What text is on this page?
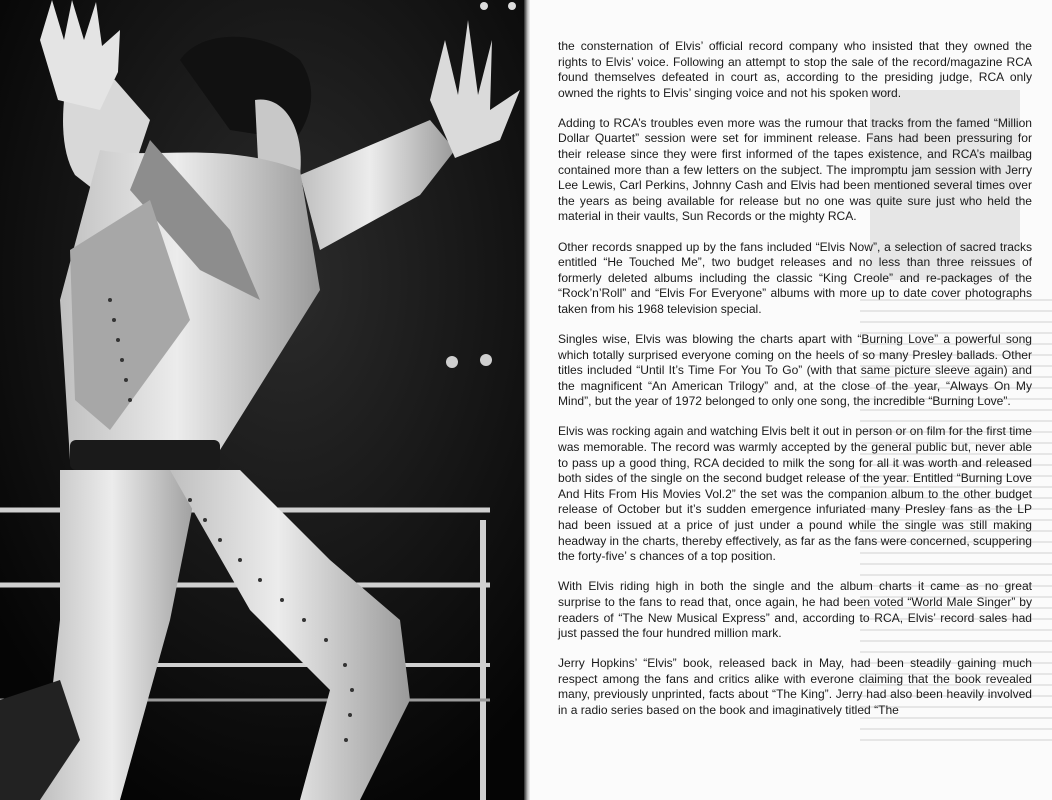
the consternation of Elvis’ official record company who insisted that they owned the rights to Elvis’ voice. Following an attempt to stop the sale of the record/magazine RCA found themselves defeated in court as, according to the presiding judge, RCA only owned the rights to Elvis’ singing voice and not his spoken word.

Adding to RCA’s troubles even more was the rumour that tracks from the famed “Million Dollar Quartet” session were set for imminent release. Fans had been pressuring for their release since they were first informed of the tapes existence, and RCA’s mailbag contained more than a few letters on the subject. The impromptu jam session with Jerry Lee Lewis, Carl Perkins, Johnny Cash and Elvis had been mentioned several times over the years as being available for release but no one was quite sure just who held the material in their vaults, Sun Records or the mighty RCA.

Other records snapped up by the fans included “Elvis Now”, a selection of sacred tracks entitled “He Touched Me”, two budget releases and no less than three reissues of formerly deleted albums including the classic “King Creole” and re-packages of the “Rock’n’Roll” and “Elvis For Everyone” albums with more up to date cover photographs taken from his 1968 television special.

Singles wise, Elvis was blowing the charts apart with “Burning Love” a powerful song which totally surprised everyone coming on the heels of so many Presley ballads. Other titles included “Until It’s Time For You To Go” (with that same picture sleeve again) and the magnificent “An American Trilogy” and, at the close of the year, “Always On My Mind”, but the year of 1972 belonged to only one song, the incredible “Burning Love”.

Elvis was rocking again and watching Elvis belt it out in person or on film for the first time was memorable. The record was warmly accepted by the general public but, never able to pass up a good thing, RCA decided to milk the song for all it was worth and released both sides of the single on the second budget release of the year. Entitled “Burning Love And Hits From His Movies Vol.2” the set was the companion album to the other budget release of October but it’s sudden emergence infuriated many Presley fans as the LP had been issued at a price of just under a pound while the single was still making headway in the charts, thereby effectively, as far as the fans were concerned, scuppering the forty-five’ s chances of a top position.

With Elvis riding high in both the single and the album charts it came as no great surprise to the fans to read that, once again, he had been voted “World Male Singer” by readers of “The New Musical Express” and, according to RCA, Elvis’ record sales had just passed the four hundred million mark.

Jerry Hopkins’ “Elvis” book, released back in May, had been steadily gaining much respect among the fans and critics alike with everone claiming that the book revealed many, previously unprinted, facts about “The King”. Jerry had also been heavily involved in a radio series based on the book and imaginatively titled “The
